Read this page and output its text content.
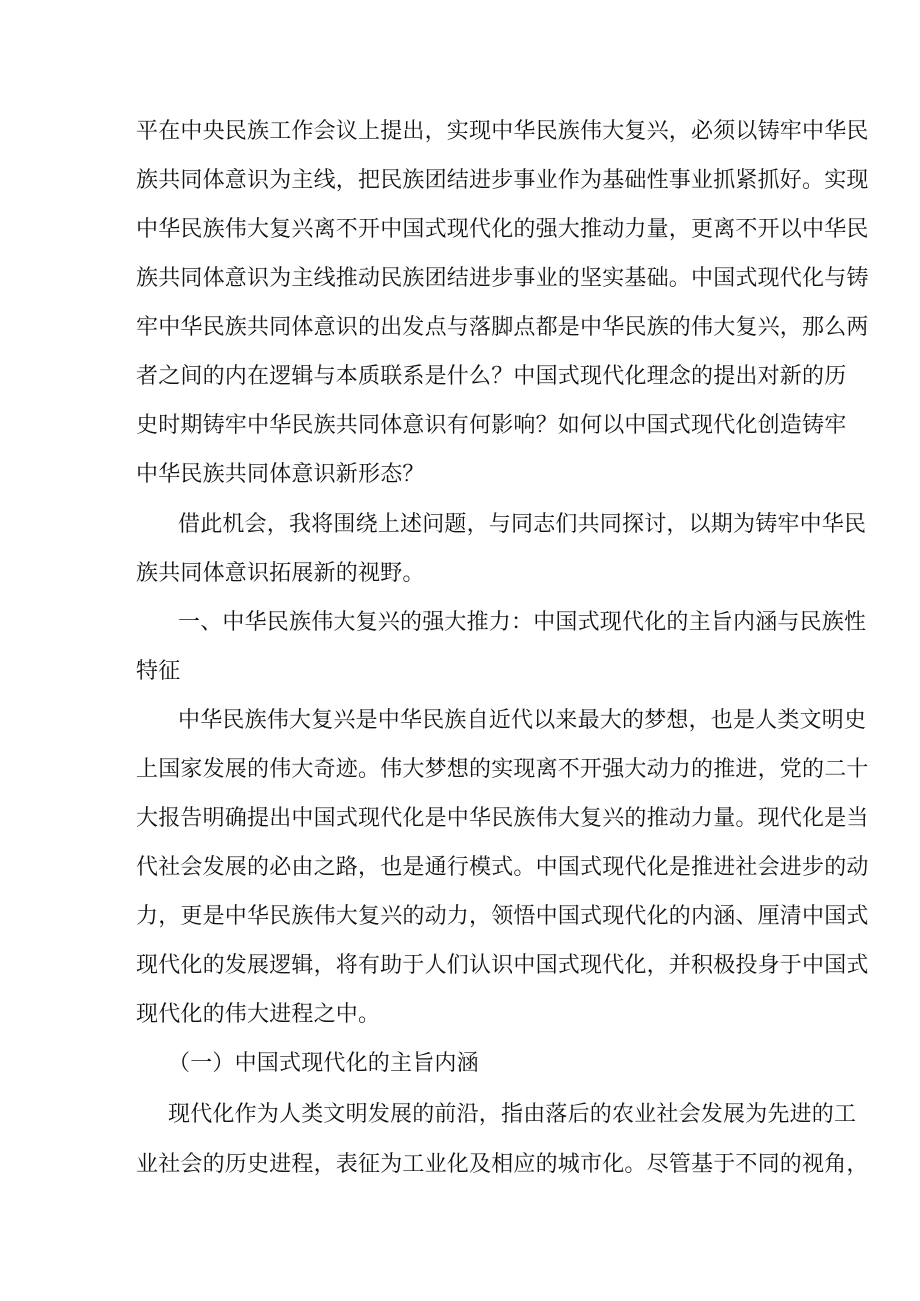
平在中央民族工作会议上提出，实现中华民族伟大复兴，必须以铸牢中华民
族共同体意识为主线，把民族团结进步事业作为基础性事业抓紧抓好。实现
中华民族伟大复兴离不开中国式现代化的强大推动力量，更离不开以中华民
族共同体意识为主线推动民族团结进步事业的坚实基础。中国式现代化与铸
牢中华民族共同体意识的出发点与落脚点都是中华民族的伟大复兴，那么两
者之间的内在逻辑与本质联系是什么？中国式现代化理念的提出对新的历
史时期铸牢中华民族共同体意识有何影响？如何以中国式现代化创造铸牢
中华民族共同体意识新形态？
借此机会，我将围绕上述问题，与同志们共同探讨，以期为铸牢中华民
族共同体意识拓展新的视野。
一、中华民族伟大复兴的强大推力：中国式现代化的主旨内涵与民族性
特征
中华民族伟大复兴是中华民族自近代以来最大的梦想，也是人类文明史
上国家发展的伟大奇迹。伟大梦想的实现离不开强大动力的推进，党的二十
大报告明确提出中国式现代化是中华民族伟大复兴的推动力量。现代化是当
代社会发展的必由之路，也是通行模式。中国式现代化是推进社会进步的动
力，更是中华民族伟大复兴的动力，领悟中国式现代化的内涵、厘清中国式
现代化的发展逻辑，将有助于人们认识中国式现代化，并积极投身于中国式
现代化的伟大进程之中。
（一）中国式现代化的主旨内涵
现代化作为人类文明发展的前沿，指由落后的农业社会发展为先进的工
业社会的历史进程，表征为工业化及相应的城市化。尽管基于不同的视角，
